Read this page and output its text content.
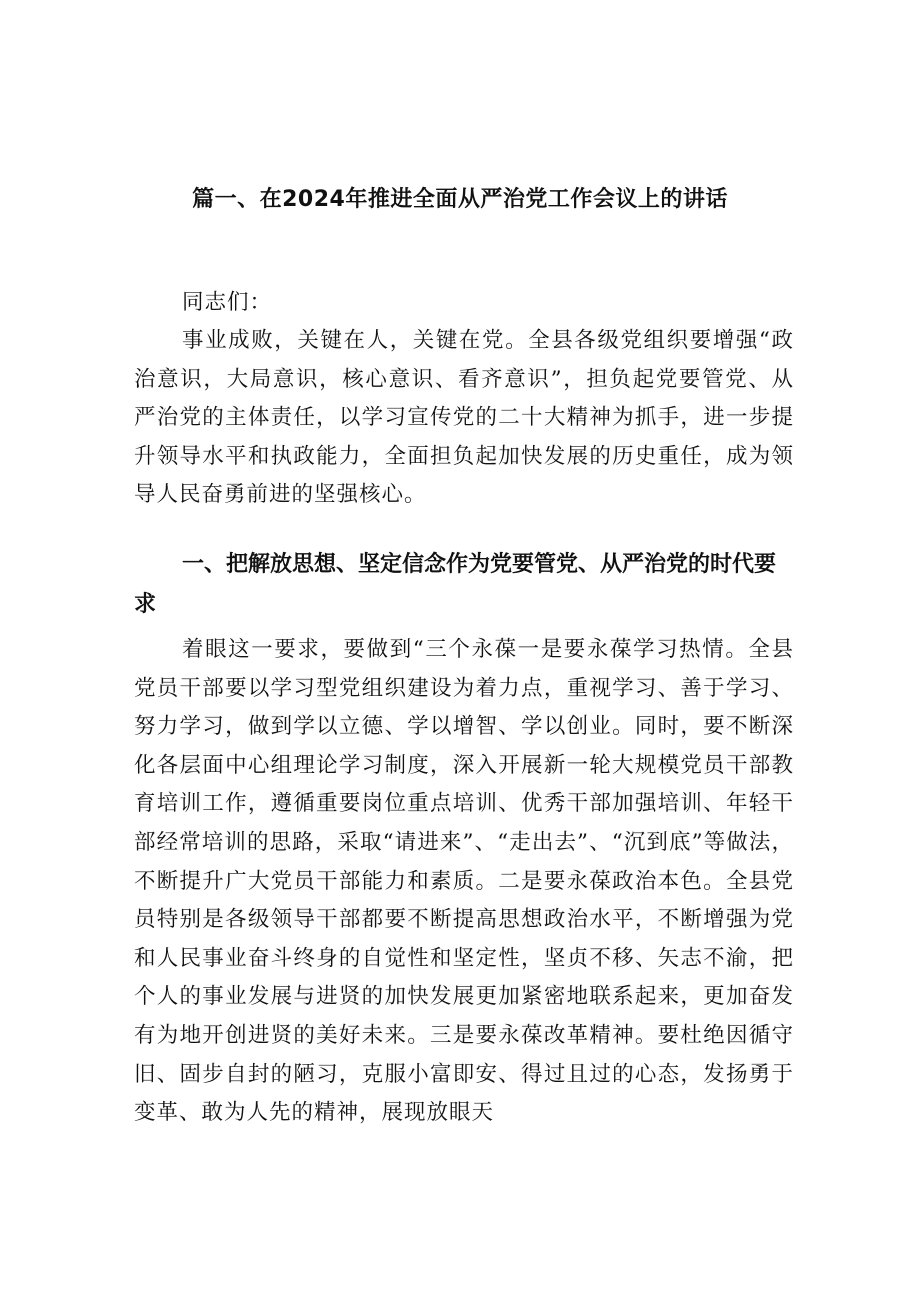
篇一、在2024年推进全面从严治党工作会议上的讲话

同志们：

事业成败，关键在人，关键在党。全县各级党组织要增强“政治意识，大局意识，核心意识、看齐意识”，担负起党要管党、从严治党的主体责任，以学习宣传党的二十大精神为抓手，进一步提升领导水平和执政能力，全面担负起加快发展的历史重任，成为领导人民奋勇前进的坚强核心。

一、把解放思想、坚定信念作为党要管党、从严治党的时代要求

着眼这一要求，要做到“三个永葆一是要永葆学习热情。全县党员干部要以学习型党组织建设为着力点，重视学习、善于学习、努力学习，做到学以立德、学以增智、学以创业。同时，要不断深化各层面中心组理论学习制度，深入开展新一轮大规模党员干部教育培训工作，遵循重要岗位重点培训、优秀干部加强培训、年轻干部经常培训的思路，采取“请进来”、“走出去”、“沉到底”等做法，不断提升广大党员干部能力和素质。二是要永葆政治本色。全县党员特别是各级领导干部都要不断提高思想政治水平，不断增强为党和人民事业奋斗终身的自觉性和坚定性，坚贞不移、矢志不渝，把个人的事业发展与进贤的加快发展更加紧密地联系起来，更加奋发有为地开创进贤的美好未来。三是要永葆改革精神。要杜绝因循守旧、固步自封的陋习，克服小富即安、得过且过的心态，发扬勇于变革、敢为人先的精神，展现放眼天
